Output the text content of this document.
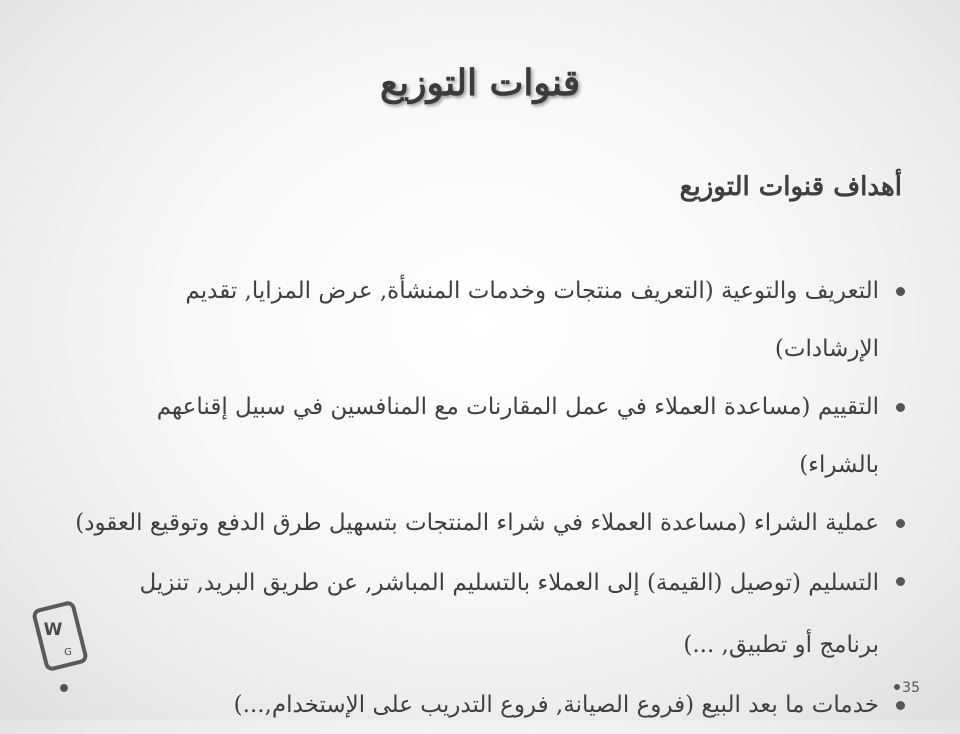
قنوات التوزيع
أهداف قنوات التوزيع
التعريف والتوعية (التعريف منتجات وخدمات المنشأة, عرض المزايا, تقديم الإرشادات)
التقييم (مساعدة العملاء في عمل المقارنات مع المنافسين في سبيل إقناعهم بالشراء)
عملية الشراء (مساعدة العملاء في شراء المنتجات بتسهيل طرق الدفع وتوقيع العقود)
التسليم (توصيل (القيمة) إلى العملاء بالتسليم المباشر, عن طريق البريد, تنزيل برنامج أو تطبيق, ...)
خدمات ما بعد البيع (فروع الصيانة, فروع التدريب على الإستخدام,...)
W
G
35
